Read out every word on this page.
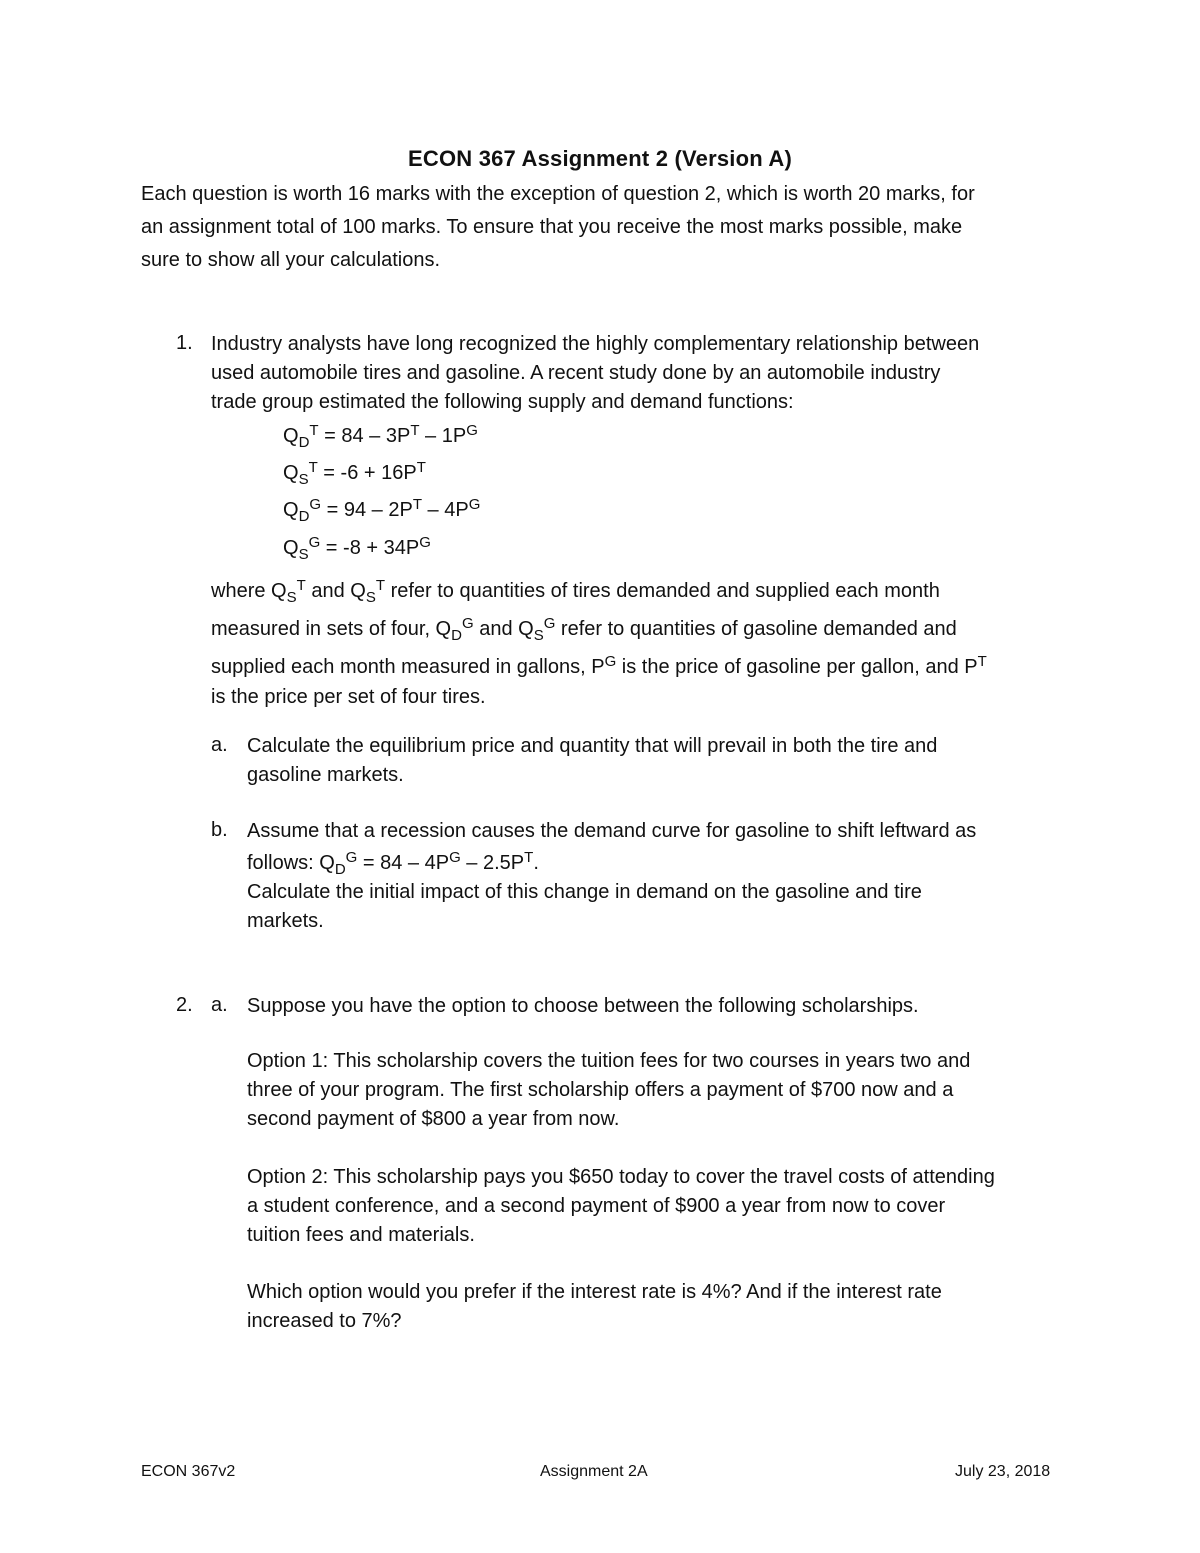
ECON 367 Assignment 2 (Version A)
Each question is worth 16 marks with the exception of question 2, which is worth 20 marks, for
an assignment total of 100 marks. To ensure that you receive the most marks possible, make
sure to show all your calculations.
1. Industry analysts have long recognized the highly complementary relationship between
used automobile tires and gasoline. A recent study done by an automobile industry
trade group estimated the following supply and demand functions:
$Q_D^T = 84 - 3P^T - 1P^G$
$Q_S^T = -6 + 16P^T$
$Q_D^G = 94 - 2P^T - 4P^G$
$Q_S^G = -8 + 34P^G$
where $Q_S^T$ and $Q_S^T$ refer to quantities of tires demanded and supplied each month
measured in sets of four, $Q_D^G$ and $Q_S^G$ refer to quantities of gasoline demanded and
supplied each month measured in gallons, $P^G$ is the price of gasoline per gallon, and $P^T$
is the price per set of four tires.
a. Calculate the equilibrium price and quantity that will prevail in both the tire and
gasoline markets.
b. Assume that a recession causes the demand curve for gasoline to shift leftward as
follows: $Q_D^G = 84 - 4P^G - 2.5P^T$.
Calculate the initial impact of this change in demand on the gasoline and tire
markets.
2. a. Suppose you have the option to choose between the following scholarships.
Option 1: This scholarship covers the tuition fees for two courses in years two and
three of your program. The first scholarship offers a payment of $700 now and a
second payment of $800 a year from now.
Option 2: This scholarship pays you $650 today to cover the travel costs of attending
a student conference, and a second payment of $900 a year from now to cover
tuition fees and materials.
Which option would you prefer if the interest rate is 4%? And if the interest rate
increased to 7%?
ECON 367v2	Assignment 2A	July 23, 2018
